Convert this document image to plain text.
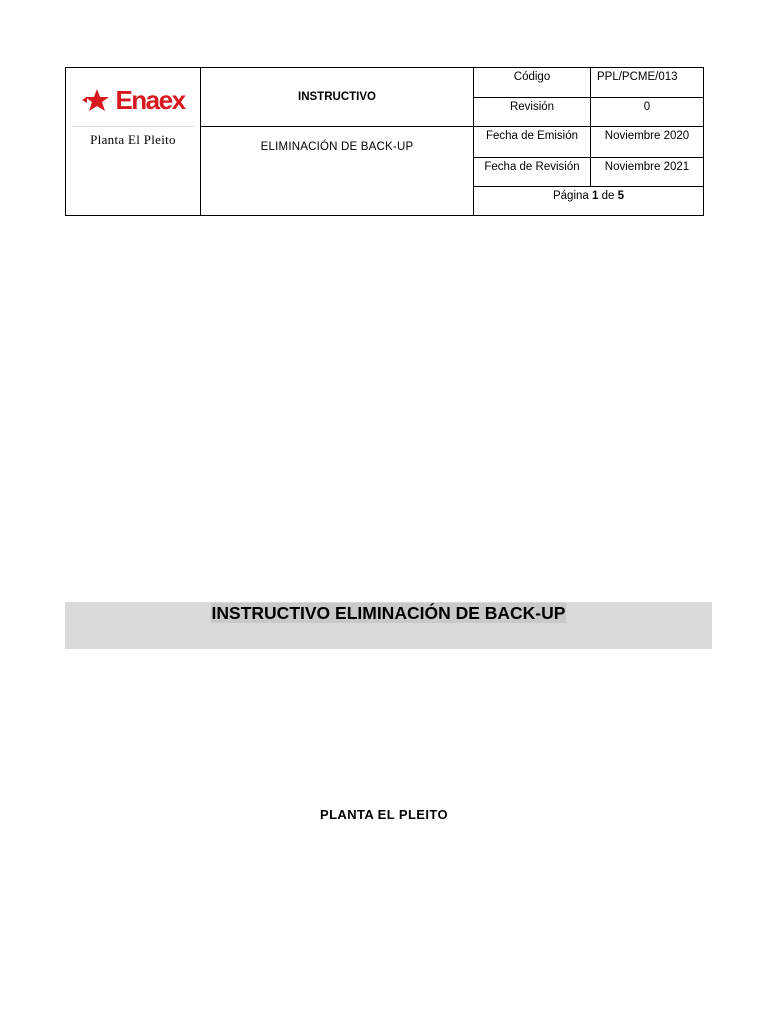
Enaex
Planta El Pleito	INSTRUCTIVO	Código	PPL/PCME/013
		Revisión	0
	ELIMINACIÓN DE BACK-UP	Fecha de Emisión	Noviembre 2020
		Fecha de Revisión	Noviembre 2021
		Página 1 de 5	
INSTRUCTIVO ELIMINACIÓN DE BACK-UP
PLANTA EL PLEITO
